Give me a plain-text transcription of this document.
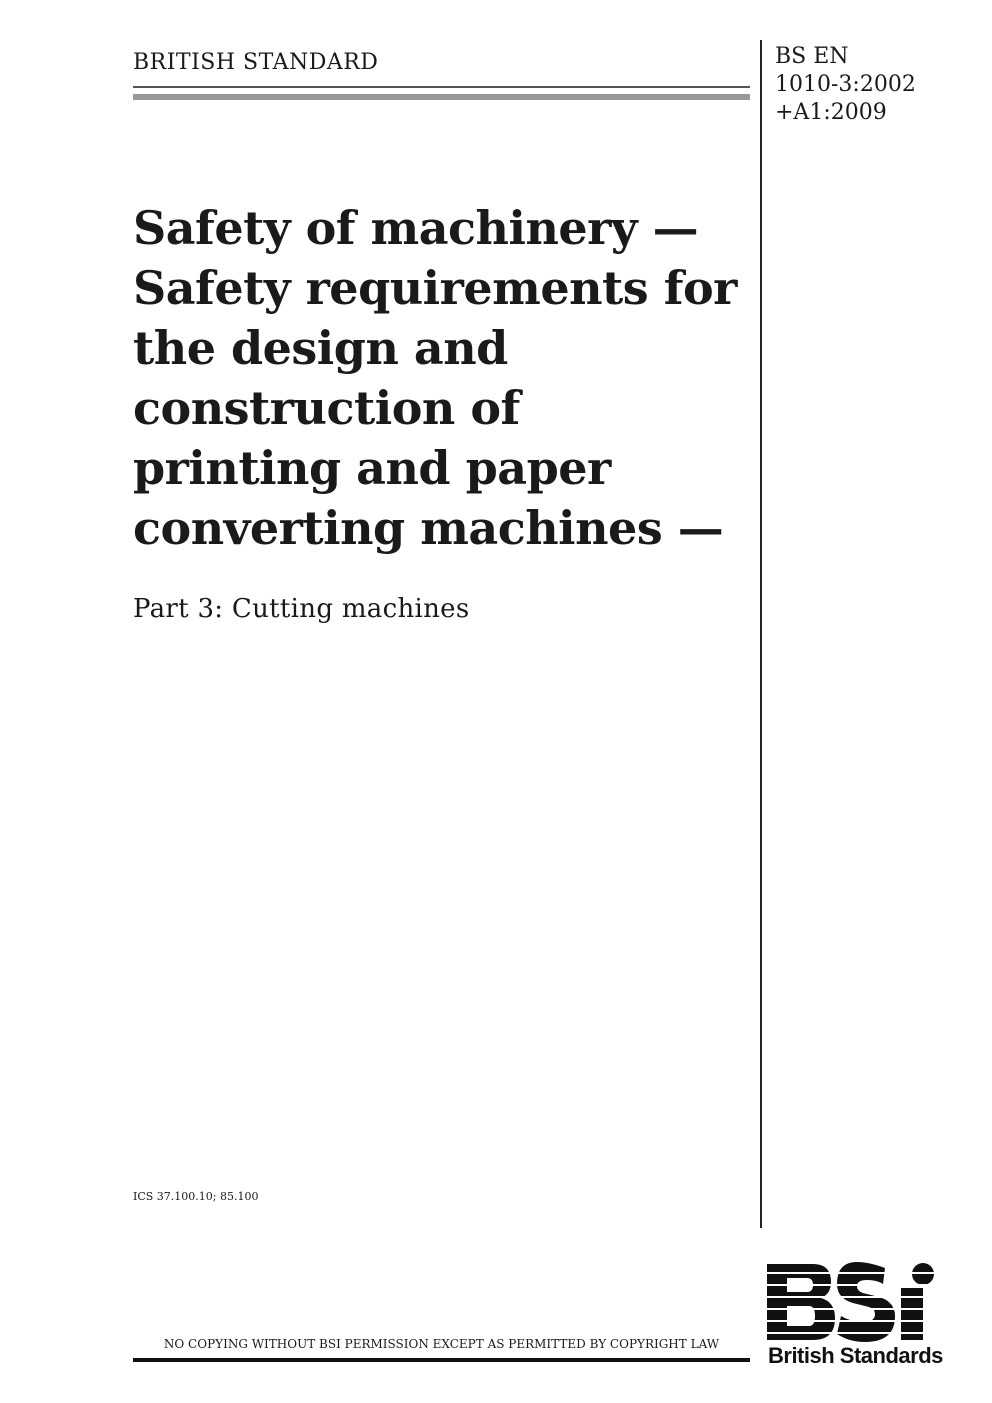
BRITISH STANDARD	BS EN
1010-3:2002
+A1:2009
Safety of machinery —
Safety requirements for
the design and
construction of
printing and paper
converting machines —
Part 3: Cutting machines
ICS 37.100.10; 85.100
NO COPYING WITHOUT BSI PERMISSION EXCEPT AS PERMITTED BY COPYRIGHT LAW	British Standards
